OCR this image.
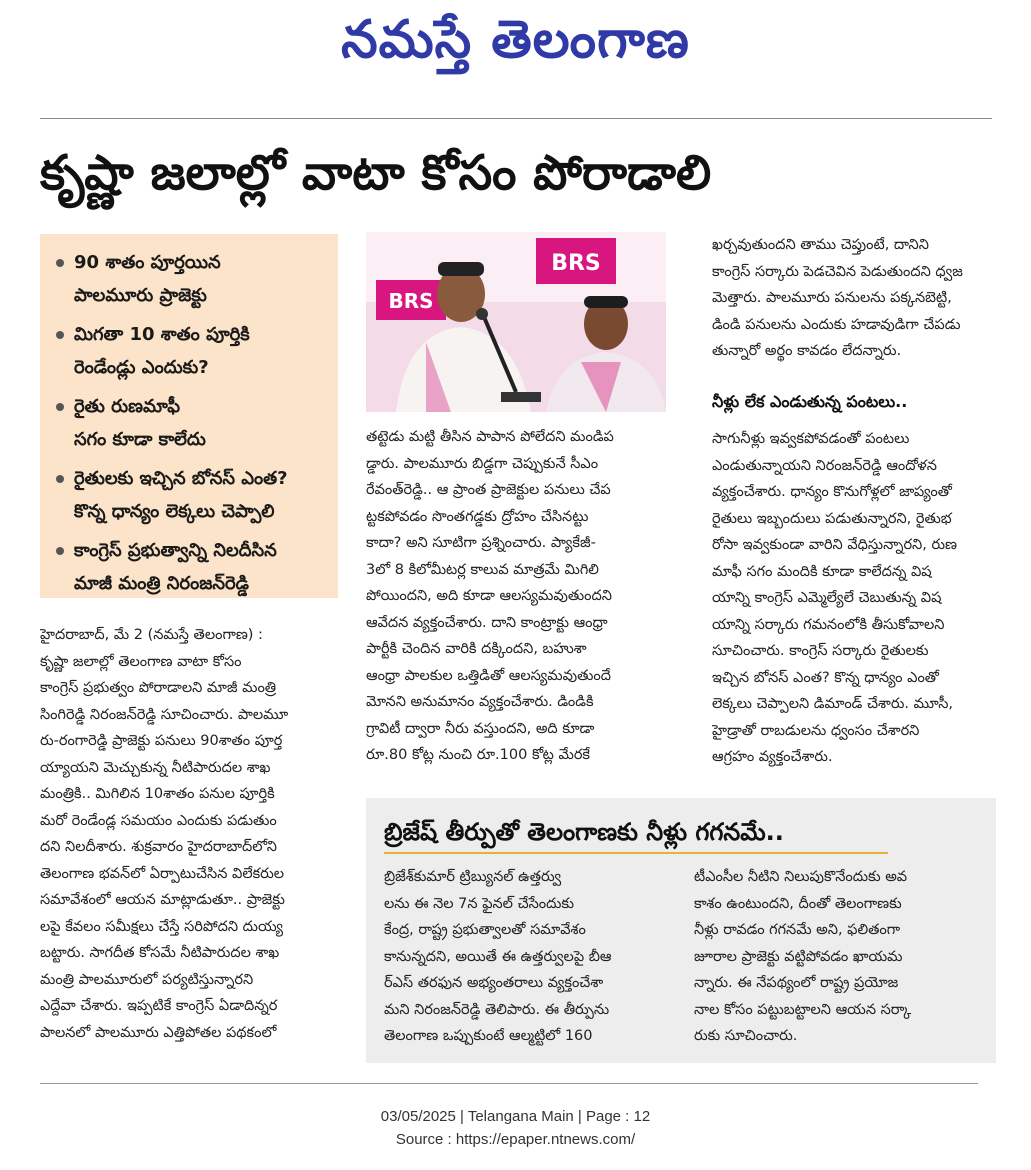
నమస్తే తెలంగాణ
కృష్ణా జలాల్లో వాటా కోసం పోరాడాలి
90 శాతం పూర్తయిన
పాలమూరు ప్రాజెక్టు
మిగతా 10 శాతం పూర్తికి
రెండేండ్లు ఎందుకు?
రైతు రుణమాఫీ
సగం కూడా కాలేదు
రైతులకు ఇచ్చిన బోనస్ ఎంత?
కొన్న ధాన్యం లెక్కలు చెప్పాలి
కాంగ్రెస్ ప్రభుత్వాన్ని నిలదీసిన
మాజీ మంత్రి నిరంజన్‌రెడ్డి
హైదరాబాద్, మే 2 (నమస్తే తెలంగాణ) :
కృష్ణా జలాల్లో తెలంగాణ వాటా కోసం
కాంగ్రెస్ ప్రభుత్వం పోరాడాలని మాజీ మంత్రి
సింగిరెడ్డి నిరంజన్‌రెడ్డి సూచించారు. పాలమూ
రు-రంగారెడ్డి ప్రాజెక్టు పనులు 90శాతం పూర్త
య్యాయని మెచ్చుకున్న నీటిపారుదల శాఖ
మంత్రికి.. మిగిలిన 10శాతం పనుల పూర్తికి
మరో రెండేండ్ల సమయం ఎందుకు పడుతుం
దని నిలదీశారు. శుక్రవారం హైదరాబాద్‌లోని
తెలంగాణ భవన్‌లో ఏర్పాటుచేసిన విలేకరుల
సమావేశంలో ఆయన మాట్లాడుతూ.. ప్రాజెక్టు
లపై కేవలం సమీక్షలు చేస్తే సరిపోదని దుయ్య
బట్టారు. సాగదీత కోసమే నీటిపారుదల శాఖ
మంత్రి పాలమూరులో పర్యటిస్తున్నారని
ఎద్దేవా చేశారు. ఇప్పటికే కాంగ్రెస్ ఏడాదిన్నర
పాలనలో పాలమూరు ఎత్తిపోతల పథకంలో
BRS
BRS
తట్టెడు మట్టి తీసిన పాపాన పోలేదని మండిప
డ్డారు. పాలమూరు బిడ్డగా చెప్పుకునే సీఎం
రేవంత్‌రెడ్డి.. ఆ ప్రాంత ప్రాజెక్టుల పనులు చేప
ట్టకపోవడం సొంతగడ్డకు ద్రోహం చేసినట్టు
కాదా? అని సూటిగా ప్రశ్నించారు. ప్యాకేజీ-
3లో 8 కిలోమీటర్ల కాలువ మాత్రమే మిగిలి
పోయిందని, అది కూడా ఆలస్యమవుతుందని
ఆవేదన వ్యక్తంచేశారు. దాని కాంట్రాక్టు ఆంధ్రా
పార్టీకి చెందిన వారికి దక్కిందని, బహుశా
ఆంధ్రా పాలకుల ఒత్తిడితో ఆలస్యమవుతుందే
మోనని అనుమానం వ్యక్తంచేశారు. డిండికి
గ్రావిటీ ద్వారా నీరు వస్తుందని, అది కూడా
రూ.80 కోట్ల నుంచి రూ.100 కోట్ల మేరకే
ఖర్చవుతుందని తాము చెప్తుంటే, దానిని
కాంగ్రెస్ సర్కారు పెడచెవిన పెడుతుందని ధ్వజ
మెత్తారు. పాలమూరు పనులను పక్కనబెట్టి,
డిండి పనులను ఎందుకు హడావుడిగా చేపడు
తున్నారో అర్థం కావడం లేదన్నారు.
నీళ్లు లేక ఎండుతున్న పంటలు..
సాగునీళ్లు ఇవ్వకపోవడంతో పంటలు
ఎండుతున్నాయని నిరంజన్‌రెడ్డి ఆందోళన
వ్యక్తంచేశారు. ధాన్యం కొనుగోళ్లలో జాప్యంతో
రైతులు ఇబ్బందులు పడుతున్నారని, రైతుభ
రోసా ఇవ్వకుండా వారిని వేధిస్తున్నారని, రుణ
మాఫీ సగం మందికి కూడా కాలేదన్న విష
యాన్ని కాంగ్రెస్ ఎమ్మెల్యేలే చెబుతున్న విష
యాన్ని సర్కారు గమనంలోకి తీసుకోవాలని
సూచించారు. కాంగ్రెస్ సర్కారు రైతులకు
ఇచ్చిన బోనస్ ఎంత? కొన్న ధాన్యం ఎంతో
లెక్కలు చెప్పాలని డిమాండ్ చేశారు. మూసీ,
హైడ్రాతో రాబడులను ధ్వంసం చేశారని
ఆగ్రహం వ్యక్తంచేశారు.
బ్రిజేష్ తీర్పుతో తెలంగాణకు నీళ్లు గగనమే..
బ్రిజేశ్‌కుమార్ ట్రిబ్యునల్ ఉత్తర్వు
లను ఈ నెల 7న ఫైనల్ చేసేందుకు
కేంద్ర, రాష్ట్ర ప్రభుత్వాలతో సమావేశం
కానున్నదని, అయితే ఈ ఉత్తర్వులపై బీఆ
ర్ఎస్ తరఫున అభ్యంతరాలు వ్యక్తంచేశా
మని నిరంజన్‌రెడ్డి తెలిపారు. ఈ తీర్పును
తెలంగాణ ఒప్పుకుంటే ఆల్మట్టిలో 160
టీఎంసీల నీటిని నిలుపుకొనేందుకు అవ
కాశం ఉంటుందని, దీంతో తెలంగాణకు
నీళ్లు రావడం గగనమే అని, ఫలితంగా
జూరాల ప్రాజెక్టు వట్టిపోవడం ఖాయమ
న్నారు. ఈ నేపథ్యంలో రాష్ట్ర ప్రయోజ
నాల కోసం పట్టుబట్టాలని ఆయన సర్కా
రుకు సూచించారు.
03/05/2025 | Telangana Main | Page : 12
Source : https://epaper.ntnews.com/
